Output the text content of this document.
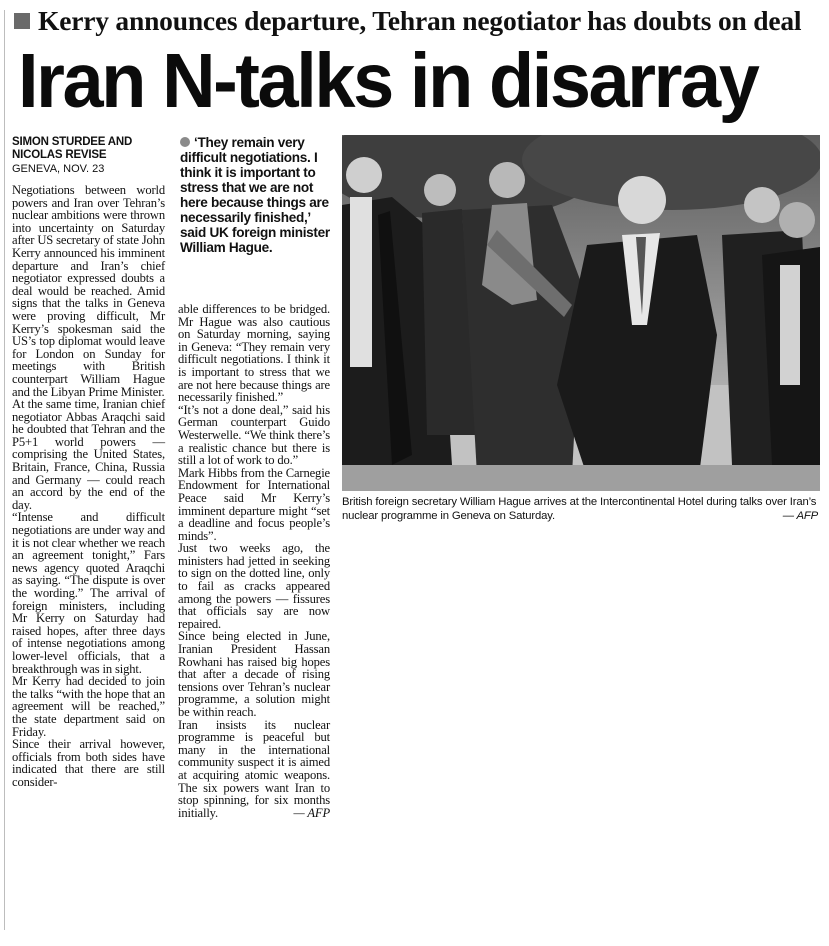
Kerry announces departure, Tehran negotiator has doubts on deal
Iran N-talks in disarray
SIMON STURDEE AND NICOLAS REVISE
GENEVA, NOV. 23

Negotiations between world powers and Iran over Tehran’s nuclear ambitions were thrown into uncertainty on Saturday after US secretary of state John Kerry announced his imminent departure and Iran’s chief negotiator expressed doubts a deal would be reached. Amid signs that the talks in Geneva were proving difficult, Mr Kerry’s spokesman said the US’s top diplomat would leave for London on Sunday for meetings with British counterpart William Hague and the Libyan Prime Minister.

At the same time, Iranian chief negotiator Abbas Araqchi said he doubted that Tehran and the P5+1 world powers — comprising the United States, Britain, France, China, Russia and Germany — could reach an accord by the end of the day.

“Intense and difficult negotiations are under way and it is not clear whether we reach an agreement tonight,” Fars news agency quoted Araqchi as saying. “The dispute is over the wording.” The arrival of foreign ministers, including Mr Kerry on Saturday had raised hopes, after three days of intense negotiations among lower-level officials, that a breakthrough was in sight.

Mr Kerry had decided to join the talks “with the hope that an agreement will be reached,” the state department said on Friday.

Since their arrival however, officials from both sides have indicated that there are still consider-

‘They remain very difficult negotiations. I think it is important to stress that we are not here because things are necessarily finished,’ said UK foreign minister William Hague.

able differences to be bridged. Mr Hague was also cautious on Saturday morning, saying in Geneva: “They remain very difficult negotiations. I think it is important to stress that we are not here because things are necessarily finished.”

“It’s not a done deal,” said his German counterpart Guido Westerwelle. “We think there’s a realistic chance but there is still a lot of work to do.”

Mark Hibbs from the Carnegie Endowment for International Peace said Mr Kerry’s imminent departure might “set a deadline and focus people’s minds”.

Just two weeks ago, the ministers had jetted in seeking to sign on the dotted line, only to fail as cracks appeared among the powers — fissures that officials say are now repaired.

Since being elected in June, Iranian President Hassan Rowhani has raised big hopes that after a decade of rising tensions over Tehran’s nuclear programme, a solution might be within reach.

Iran insists its nuclear programme is peaceful but many in the international community suspect it is aimed at acquiring atomic weapons. The six powers want Iran to stop spinning, for six months initially.	— AFP

British foreign secretary William Hague arrives at the Intercontinental Hotel during talks over Iran’s nuclear programme in Geneva on Saturday.	— AFP
